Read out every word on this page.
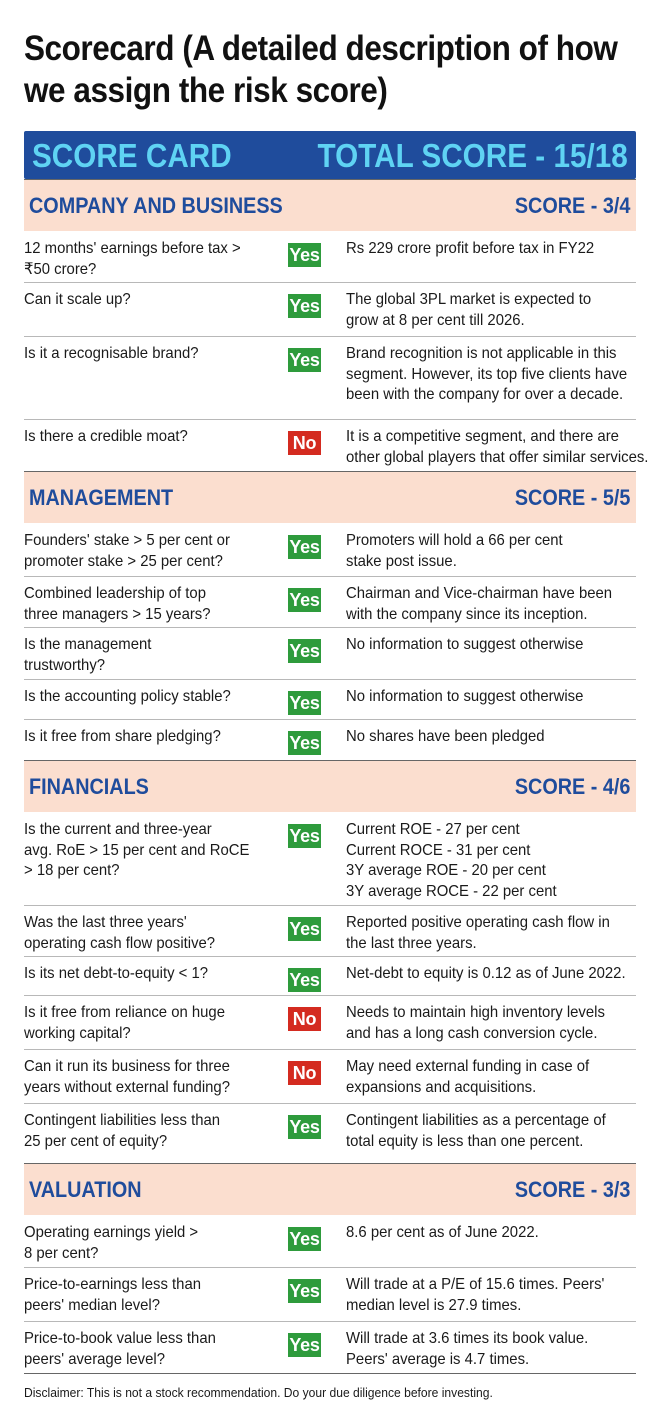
Scorecard (A detailed description of how
we assign the risk score)
SCORE CARD	TOTAL SCORE - 15/18
COMPANY AND BUSINESS	SCORE - 3/4
12 months' earnings before tax >
₹50 crore?
Yes Rs 229 crore profit before tax in FY22
Can it scale up?	Yes The global 3PL market is expected to
grow at 8 per cent till 2026.
Is it a recognisable brand?	Yes Brand recognition is not applicable in this
segment. However, its top five clients have
been with the company for over a decade.
Is there a credible moat?	No It is a competitive segment, and there are
other global players that offer similar services.
MANAGEMENT	SCORE - 5/5
Founders' stake > 5 per cent or
promoter stake > 25 per cent?
Yes Promoters will hold a 66 per cent
stake post issue.
Combined leadership of top
three managers > 15 years?
Yes Chairman and Vice-chairman have been
with the company since its inception.
Is the management
trustworthy?
Yes No information to suggest otherwise
Is the accounting policy stable?	Yes No information to suggest otherwise
Is it free from share pledging?	Yes No shares have been pledged
FINANCIALS	SCORE - 4/6
Is the current and three-year
avg. RoE > 15 per cent and RoCE
> 18 per cent?
Yes Current ROE - 27 per cent
Current ROCE - 31 per cent
3Y average ROE - 20 per cent
3Y average ROCE - 22 per cent
Was the last three years'
operating cash flow positive?
Yes Reported positive operating cash flow in
the last three years.
Is its net debt-to-equity < 1?	Yes Net-debt to equity is 0.12 as of June 2022.
Is it free from reliance on huge
working capital?
No Needs to maintain high inventory levels
and has a long cash conversion cycle.
Can it run its business for three
years without external funding?
No May need external funding in case of
expansions and acquisitions.
Contingent liabilities less than
25 per cent of equity?
Yes Contingent liabilities as a percentage of
total equity is less than one percent.
VALUATION	SCORE - 3/3
Operating earnings yield >
8 per cent?
Yes 8.6 per cent as of June 2022.
Price-to-earnings less than
peers' median level?
Yes Will trade at a P/E of 15.6 times. Peers'
median level is 27.9 times.
Price-to-book value less than
peers' average level?
Yes Will trade at 3.6 times its book value.
Peers' average is 4.7 times.
Disclaimer: This is not a stock recommendation. Do your due diligence before investing.
